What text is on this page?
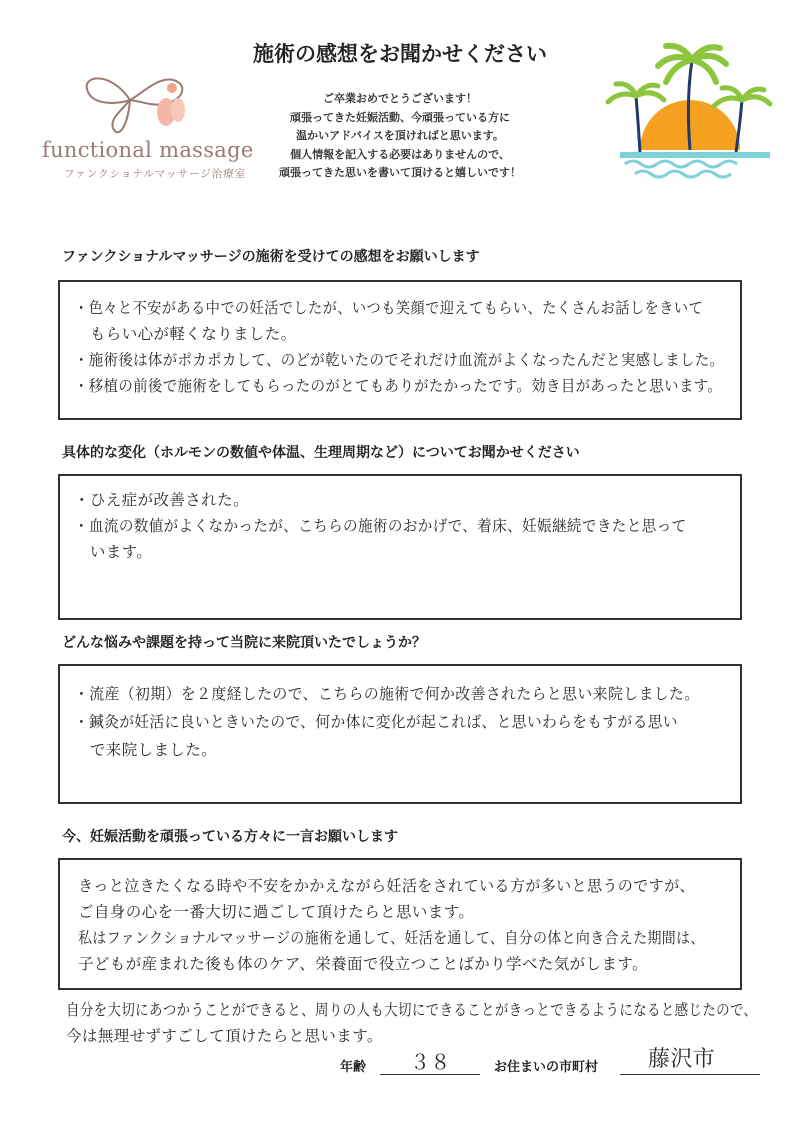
functional massage
ファンクショナルマッサージ治療室
施術の感想をお聞かせください
ご卒業おめでとうございます！
頑張ってきた妊娠活動、今頑張っている方に
温かいアドバイスを頂ければと思います。
個人情報を記入する必要はありませんので、
頑張ってきた思いを書いて頂けると嬉しいです！
ファンクショナルマッサージの施術を受けての感想をお願いします
・色々と不安がある中での妊活でしたが、いつも笑顔で迎えてもらい、たくさんお話しをきいて
　もらい心が軽くなりました。
・施術後は体がポカポカして、のどが乾いたのでそれだけ血流がよくなったんだと実感しました。
・移植の前後で施術をしてもらったのがとてもありがたかったです。効き目があったと思います。
具体的な変化（ホルモンの数値や体温、生理周期など）についてお聞かせください
・ひえ症が改善された。
・血流の数値がよくなかったが、こちらの施術のおかげで、着床、妊娠継続できたと思って
　います。
どんな悩みや課題を持って当院に来院頂いたでしょうか？
・流産（初期）を２度経したので、こちらの施術で何か改善されたらと思い来院しました。
・鍼灸が妊活に良いときいたので、何か体に変化が起これば、と思いわらをもすがる思い
　で来院しました。
今、妊娠活動を頑張っている方々に一言お願いします
きっと泣きたくなる時や不安をかかえながら妊活をされている方が多いと思うのですが、
ご自身の心を一番大切に過ごして頂けたらと思います。
私はファンクショナルマッサージの施術を通して、妊活を通して、自分の体と向き合えた期間は、
子どもが産まれた後も体のケア、栄養面で役立つことばかり学べた気がします。
自分を大切にあつかうことができると、周りの人も大切にできることがきっとできるようになると感じたので、
今は無理せずすごして頂けたらと思います。
年齢 ３８	お住まいの市町村 藤沢市
